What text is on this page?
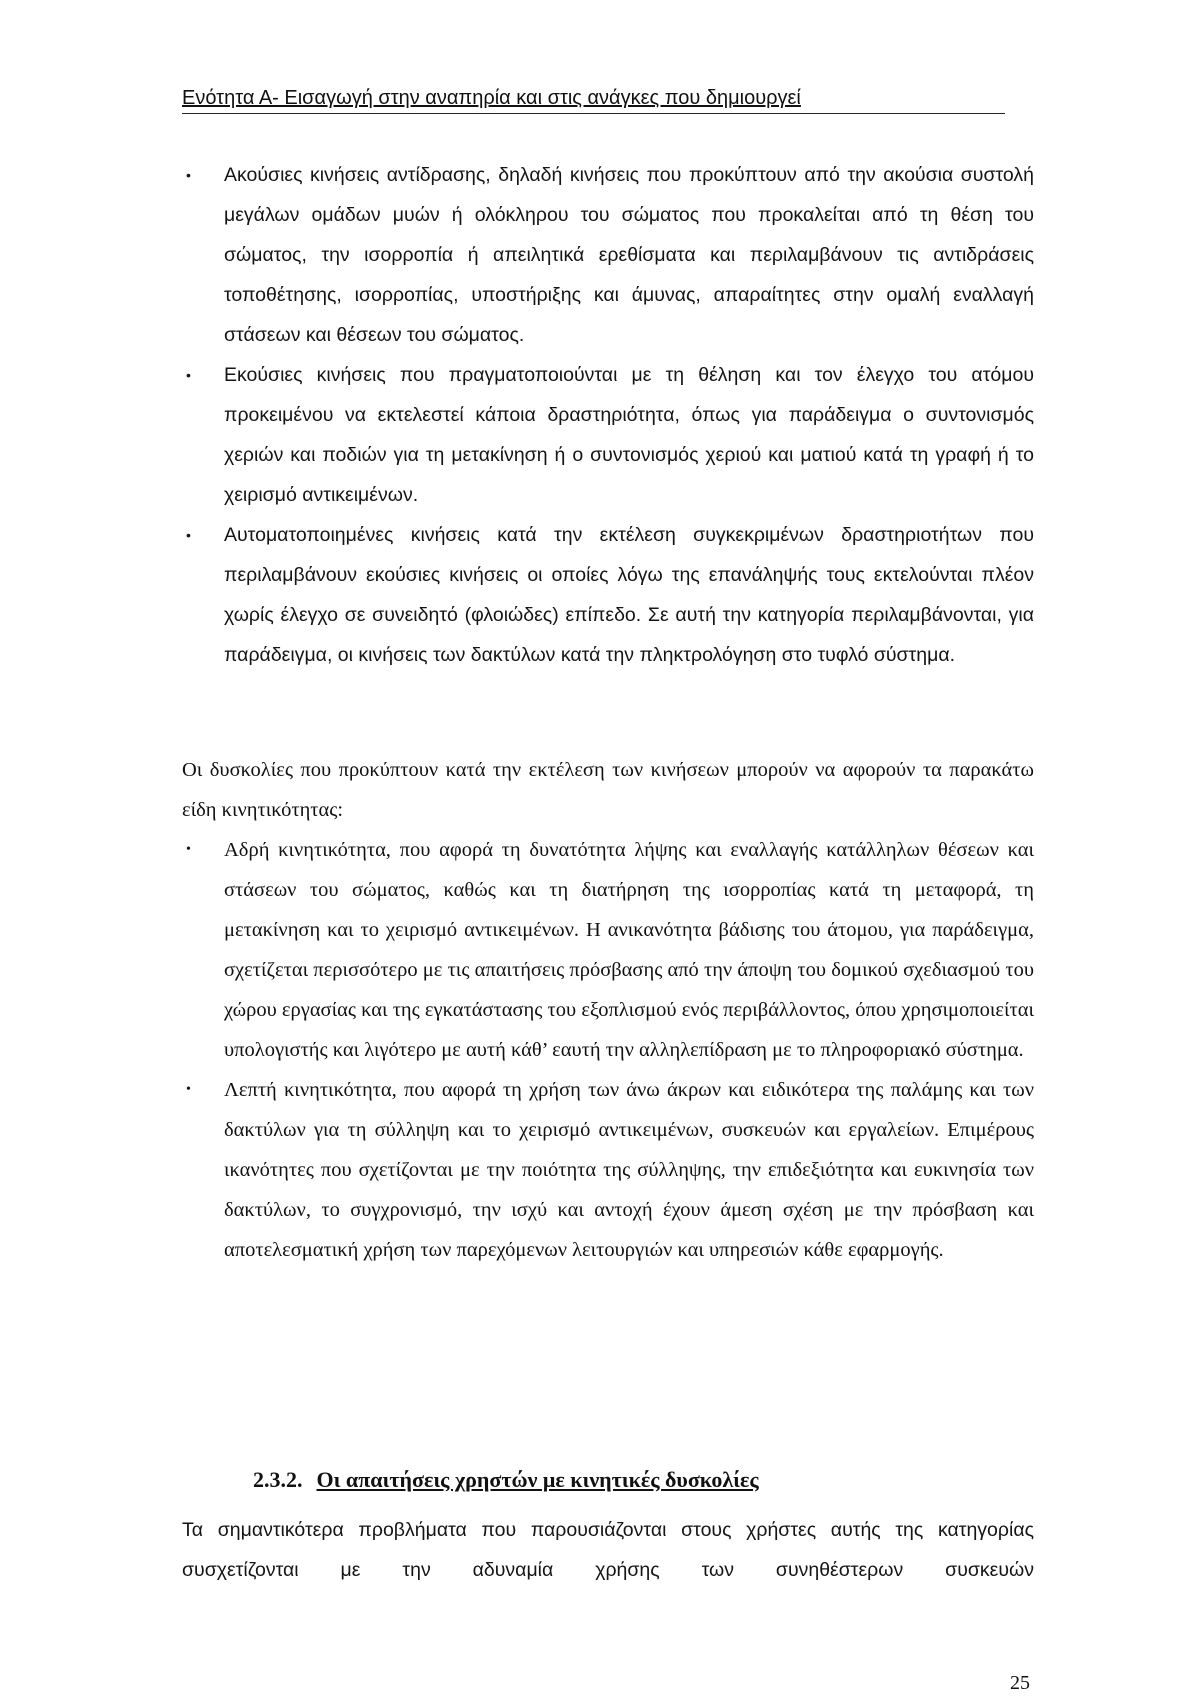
Ενότητα Α- Εισαγωγή στην αναπηρία και στις ανάγκες που δημιουργεί
• Ακούσιες κινήσεις αντίδρασης, δηλαδή κινήσεις που προκύπτουν από την ακούσια συστολή μεγάλων ομάδων μυών ή ολόκληρου του σώματος που προκαλείται από τη θέση του σώματος, την ισορροπία ή απειλητικά ερεθίσματα και περιλαμβάνουν τις αντιδράσεις τοποθέτησης, ισορροπίας, υποστήριξης και άμυνας, απαραίτητες στην ομαλή εναλλαγή στάσεων και θέσεων του σώματος.
• Εκούσιες κινήσεις που πραγματοποιούνται με τη θέληση και τον έλεγχο του ατόμου προκειμένου να εκτελεστεί κάποια δραστηριότητα, όπως για παράδειγμα ο συντονισμός χεριών και ποδιών για τη μετακίνηση ή ο συντονισμός χεριού και ματιού κατά τη γραφή ή το χειρισμό αντικειμένων.
• Αυτοματοποιημένες κινήσεις κατά την εκτέλεση συγκεκριμένων δραστηριοτήτων που περιλαμβάνουν εκούσιες κινήσεις οι οποίες λόγω της επανάληψής τους εκτελούνται πλέον χωρίς έλεγχο σε συνειδητό (φλοιώδες) επίπεδο. Σε αυτή την κατηγορία περιλαμβάνονται, για παράδειγμα, οι κινήσεις των δακτύλων κατά την πληκτρολόγηση στο τυφλό σύστημα.

Οι δυσκολίες που προκύπτουν κατά την εκτέλεση των κινήσεων μπορούν να αφορούν τα παρακάτω είδη κινητικότητας:

• Αδρή κινητικότητα, που αφορά τη δυνατότητα λήψης και εναλλαγής κατάλληλων θέσεων και στάσεων του σώματος, καθώς και τη διατήρηση της ισορροπίας κατά τη μεταφορά, τη μετακίνηση και το χειρισμό αντικειμένων. Η ανικανότητα βάδισης του άτομου, για παράδειγμα, σχετίζεται περισσότερο με τις απαιτήσεις πρόσβασης από την άποψη του δομικού σχεδιασμού του χώρου εργασίας και της εγκατάστασης του εξοπλισμού ενός περιβάλλοντος, όπου χρησιμοποιείται υπολογιστής και λιγότερο με αυτή κάθ’ εαυτή την αλληλεπίδραση με το πληροφοριακό σύστημα.
• Λεπτή κινητικότητα, που αφορά τη χρήση των άνω άκρων και ειδικότερα της παλάμης και των δακτύλων για τη σύλληψη και το χειρισμό αντικειμένων, συσκευών και εργαλείων. Επιμέρους ικανότητες που σχετίζονται με την ποιότητα της σύλληψης, την επιδεξιότητα και ευκινησία των δακτύλων, το συγχρονισμό, την ισχύ και αντοχή έχουν άμεση σχέση με την πρόσβαση και αποτελεσματική χρήση των παρεχόμενων λειτουργιών και υπηρεσιών κάθε εφαρμογής.
2.3.2. Οι απαιτήσεις χρηστών με κινητικές δυσκολίες

Τα σημαντικότερα προβλήματα που παρουσιάζονται στους χρήστες αυτής της κατηγορίας συσχετίζονται με την αδυναμία χρήσης των συνηθέστερων συσκευών

25
